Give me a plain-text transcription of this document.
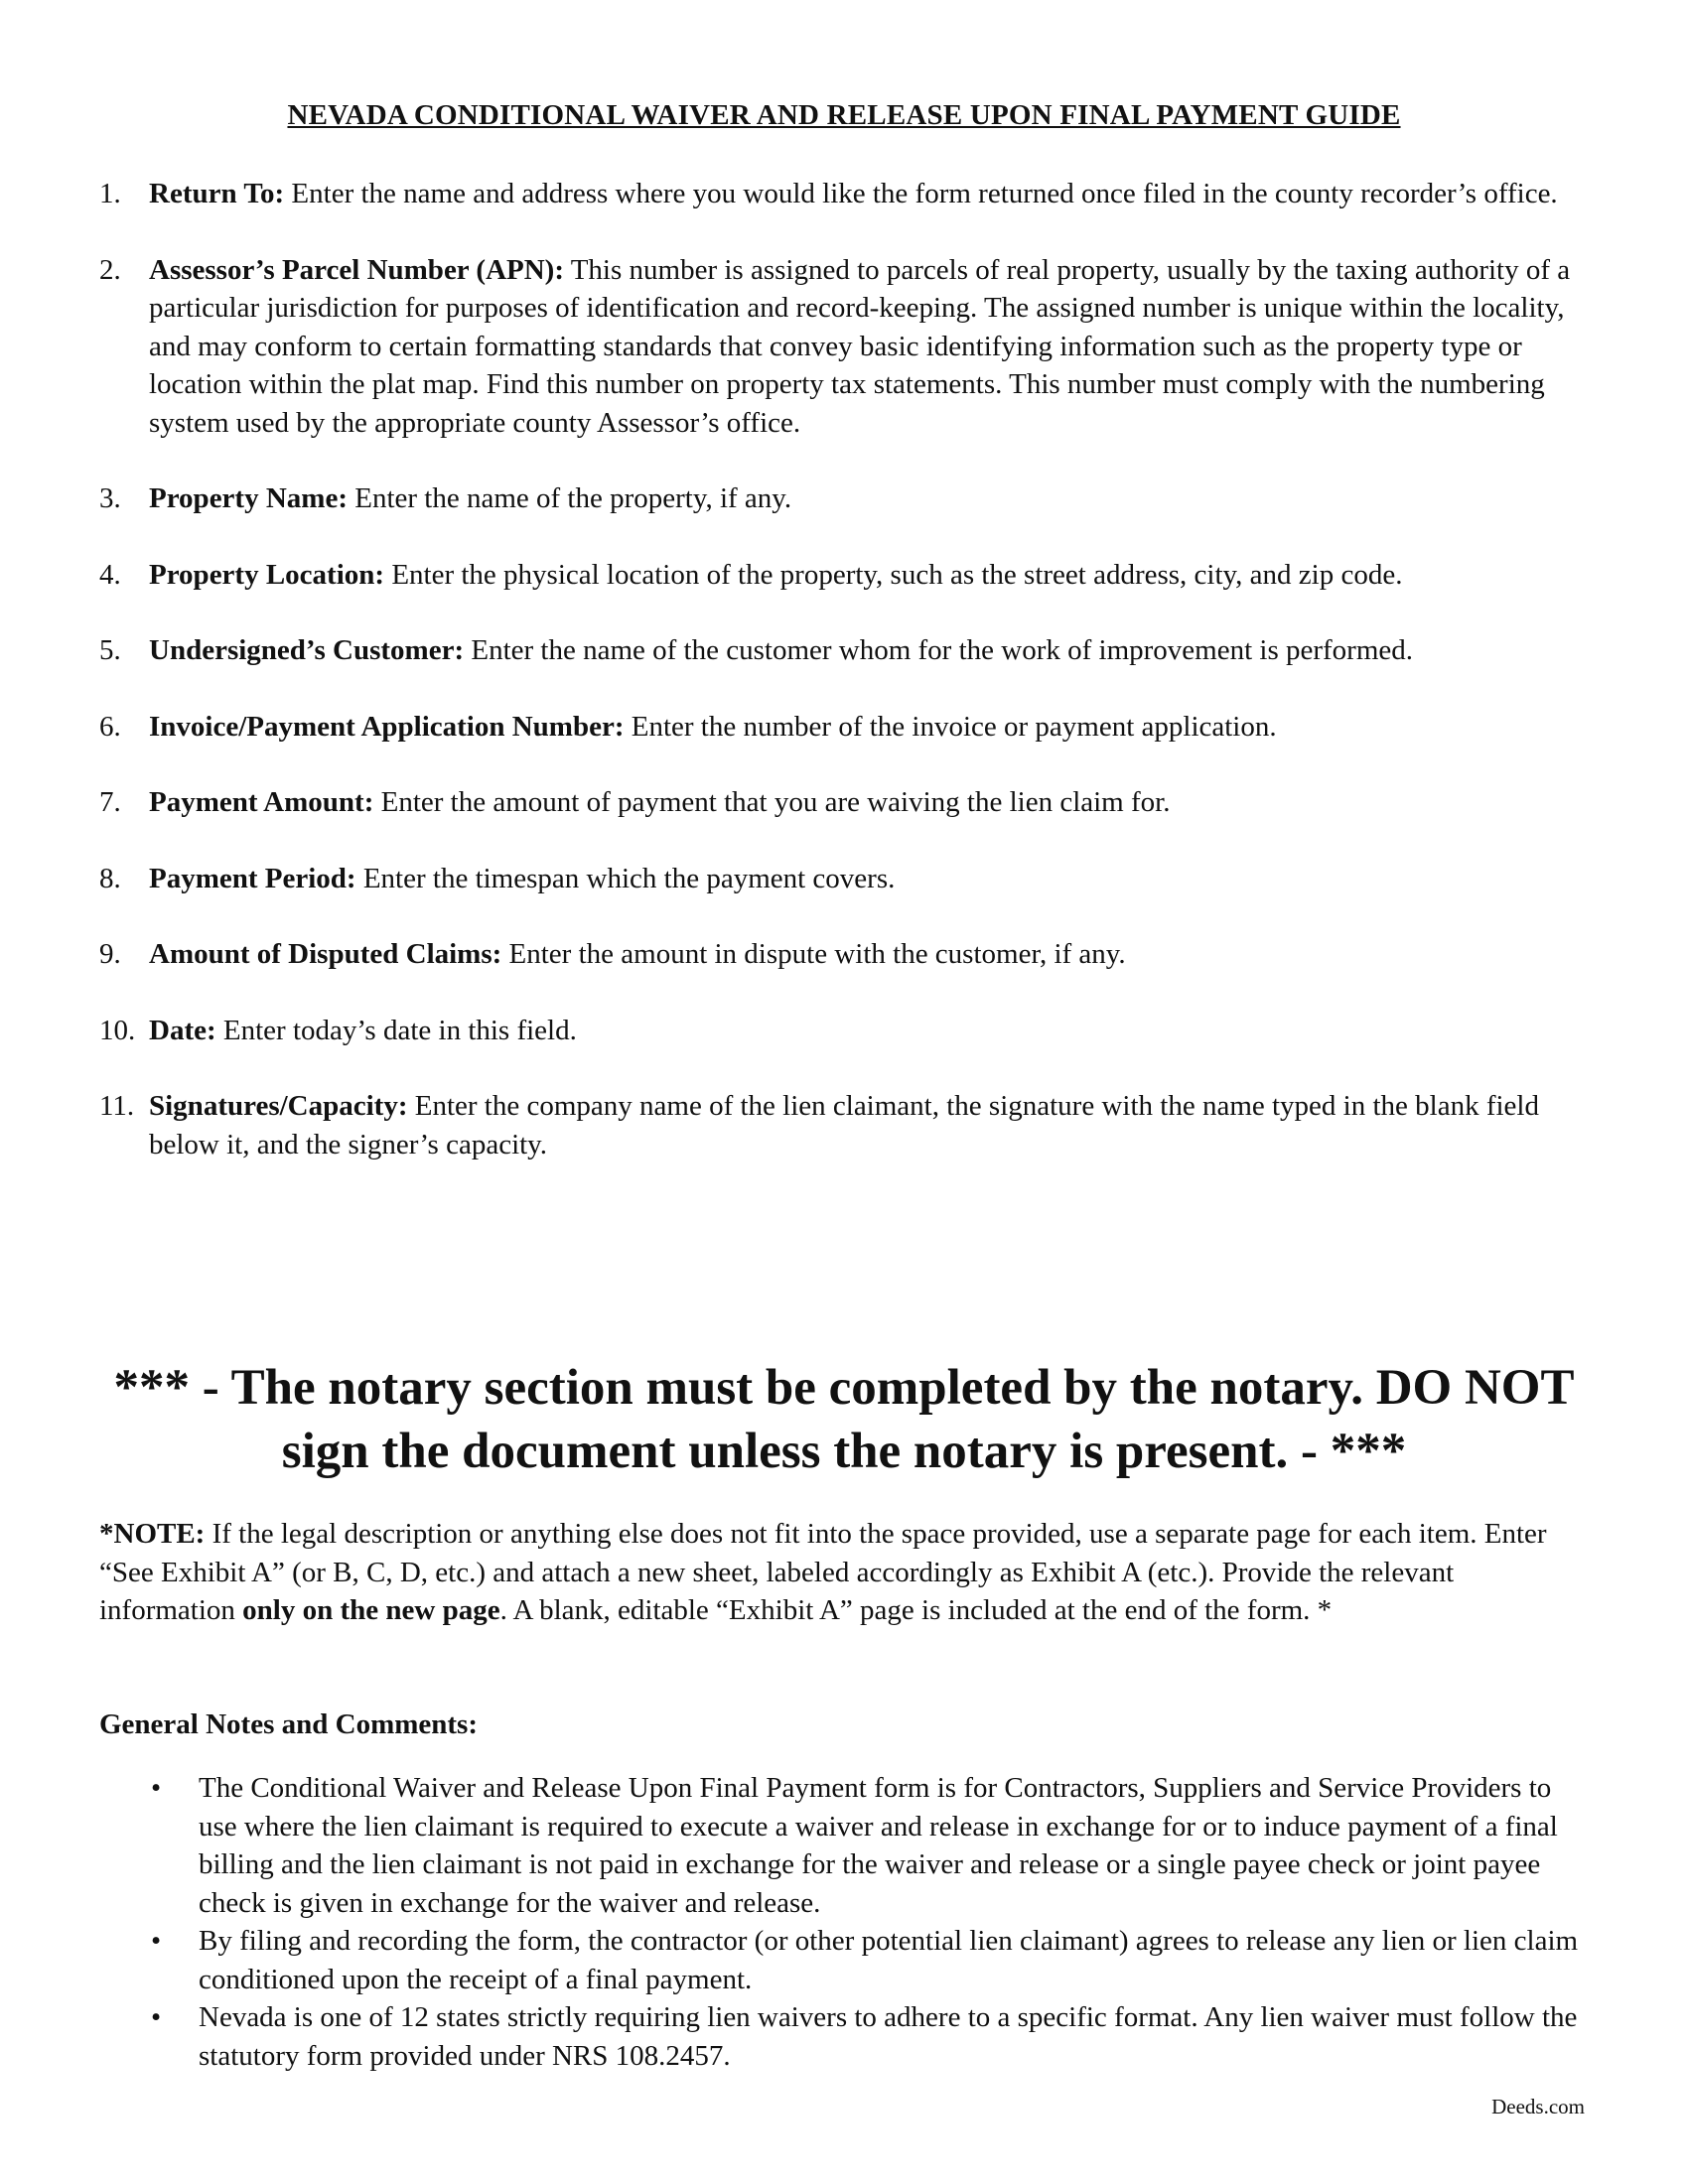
NEVADA CONDITIONAL WAIVER AND RELEASE UPON FINAL PAYMENT GUIDE
1. Return To: Enter the name and address where you would like the form returned once filed in the county recorder’s office.
2. Assessor’s Parcel Number (APN): This number is assigned to parcels of real property, usually by the taxing authority of a particular jurisdiction for purposes of identification and record-keeping. The assigned number is unique within the locality, and may conform to certain formatting standards that convey basic identifying information such as the property type or location within the plat map. Find this number on property tax statements. This number must comply with the numbering system used by the appropriate county Assessor’s office.
3. Property Name: Enter the name of the property, if any.
4. Property Location: Enter the physical location of the property, such as the street address, city, and zip code.
5. Undersigned’s Customer: Enter the name of the customer whom for the work of improvement is performed.
6. Invoice/Payment Application Number: Enter the number of the invoice or payment application.
7. Payment Amount: Enter the amount of payment that you are waiving the lien claim for.
8. Payment Period: Enter the timespan which the payment covers.
9. Amount of Disputed Claims: Enter the amount in dispute with the customer, if any.
10. Date: Enter today’s date in this field.
11. Signatures/Capacity: Enter the company name of the lien claimant, the signature with the name typed in the blank field below it, and the signer’s capacity.
*** - The notary section must be completed by the notary. DO NOT sign the document unless the notary is present. - ***
*NOTE: If the legal description or anything else does not fit into the space provided, use a separate page for each item. Enter “See Exhibit A” (or B, C, D, etc.) and attach a new sheet, labeled accordingly as Exhibit A (etc.). Provide the relevant information only on the new page. A blank, editable “Exhibit A” page is included at the end of the form. *
General Notes and Comments:
• The Conditional Waiver and Release Upon Final Payment form is for Contractors, Suppliers and Service Providers to use where the lien claimant is required to execute a waiver and release in exchange for or to induce payment of a final billing and the lien claimant is not paid in exchange for the waiver and release or a single payee check or joint payee check is given in exchange for the waiver and release.
• By filing and recording the form, the contractor (or other potential lien claimant) agrees to release any lien or lien claim conditioned upon the receipt of a final payment.
• Nevada is one of 12 states strictly requiring lien waivers to adhere to a specific format. Any lien waiver must follow the statutory form provided under NRS 108.2457.
Deeds.com
